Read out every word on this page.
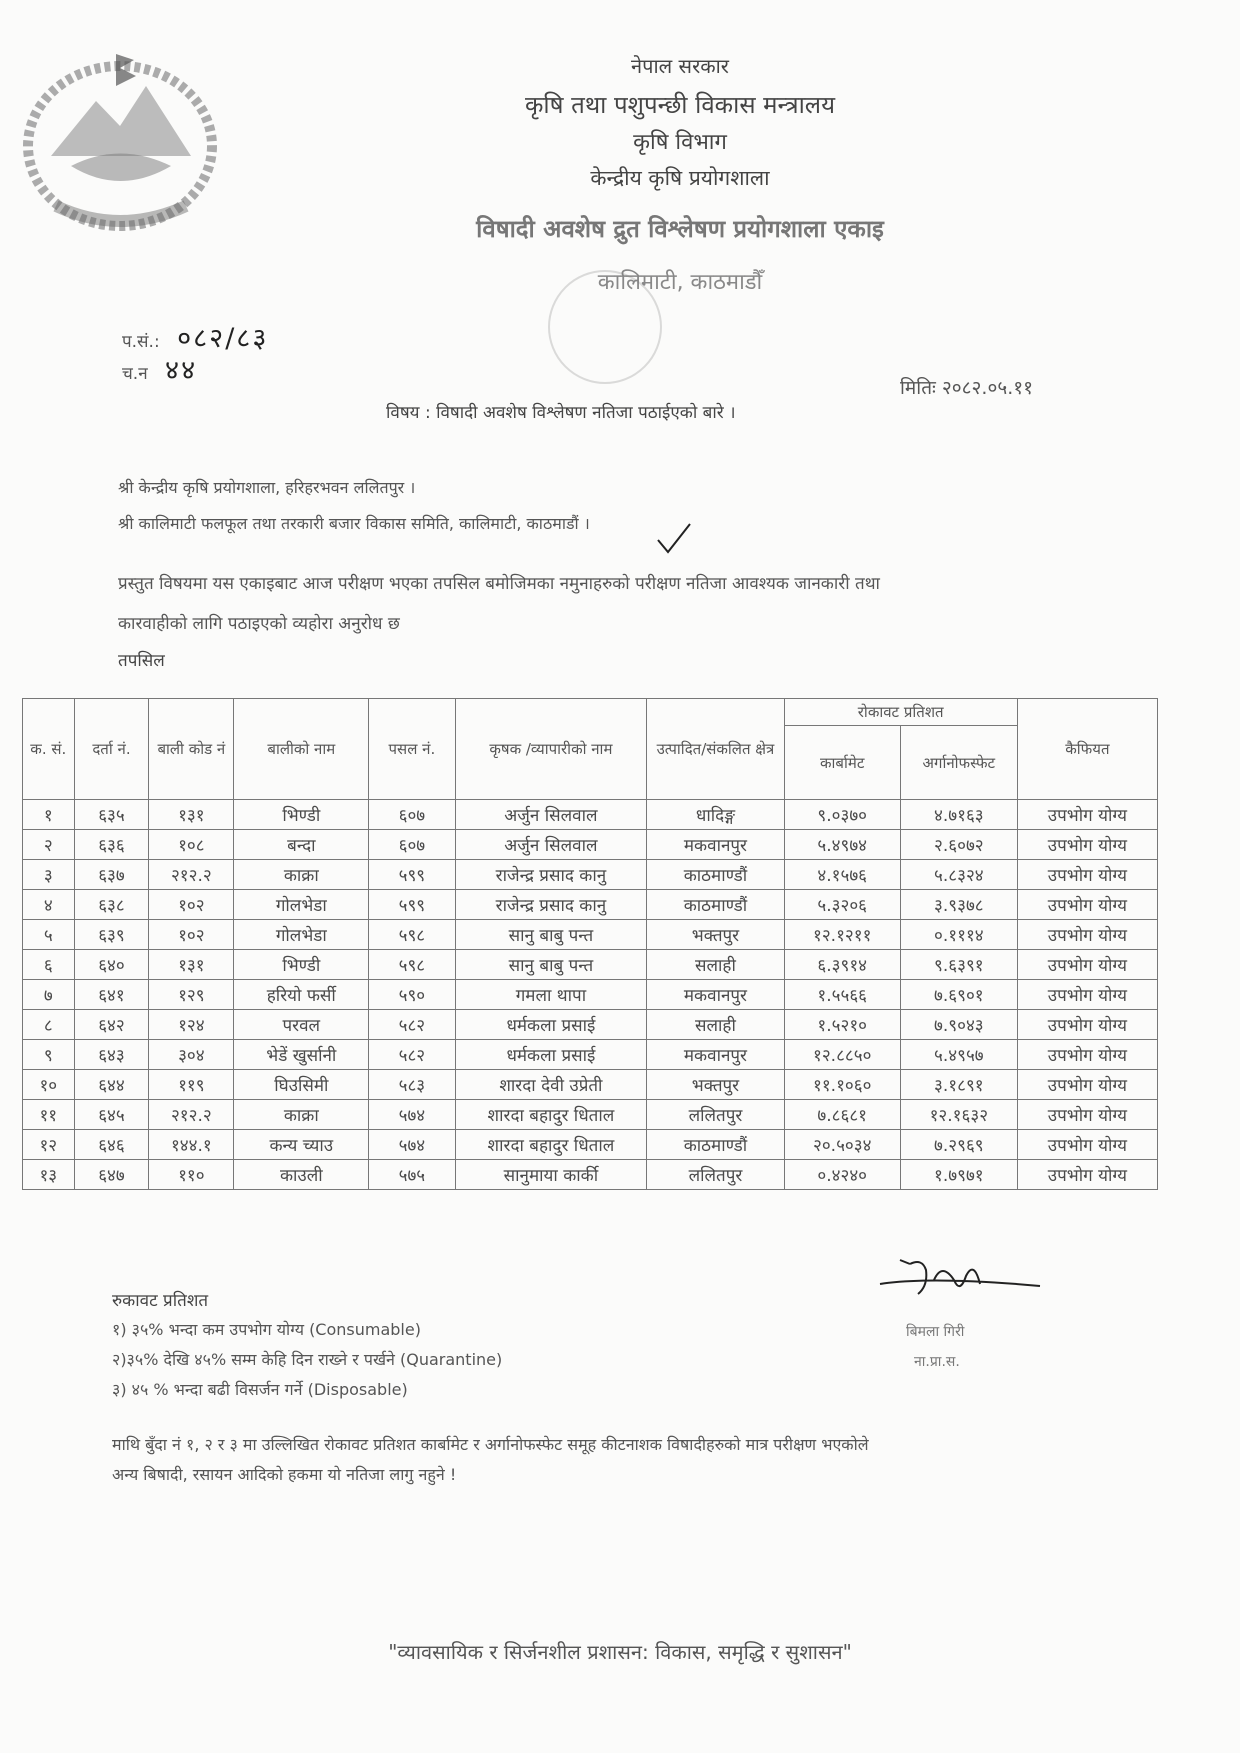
नेपाल सरकार
कृषि तथा पशुपन्छी विकास मन्त्रालय
कृषि विभाग
केन्द्रीय कृषि प्रयोगशाला
विषादी अवशेष द्रुत विश्लेषण प्रयोगशाला एकाइ
कालिमाटी, काठमाडौँ
प.सं.: ०८२/८३
च.न ४४
मितिः २०८२.०५.११
विषय : विषादी अवशेष विश्लेषण नतिजा पठाईएको बारे ।
श्री केन्द्रीय कृषि प्रयोगशाला, हरिहरभवन ललितपुर ।
श्री कालिमाटी फलफूल तथा तरकारी बजार विकास समिति, कालिमाटी, काठमाडौं ।
प्रस्तुत विषयमा यस एकाइबाट आज परीक्षण भएका तपसिल बमोजिमका नमुनाहरुको परीक्षण नतिजा आवश्यक जानकारी तथा
कारवाहीको लागि पठाइएको व्यहोरा अनुरोध छ
तपसिल
क. सं.	दर्ता नं.	बाली कोड नं	बालीको नाम	पसल नं.	कृषक /व्यापारीको नाम	उत्पादित/संकलित क्षेत्र	रोकावट प्रतिशत		कैफियत
							कार्बामेट	अर्गानोफस्फेट	
१	६३५	१३१	भिण्डी	६०७	अर्जुन सिलवाल	धादिङ्ग	९.०३७०	४.७१६३	उपभोग योग्य
२	६३६	१०८	बन्दा	६०७	अर्जुन सिलवाल	मकवानपुर	५.४९७४	२.६०७२	उपभोग योग्य
३	६३७	२१२.२	काक्रा	५९९	राजेन्द्र प्रसाद कानु	काठमाण्डौं	४.१५७६	५.८३२४	उपभोग योग्य
४	६३८	१०२	गोलभेडा	५९९	राजेन्द्र प्रसाद कानु	काठमाण्डौं	५.३२०६	३.९३७८	उपभोग योग्य
५	६३९	१०२	गोलभेडा	५९८	सानु बाबु पन्त	भक्तपुर	१२.१२११	०.१११४	उपभोग योग्य
६	६४०	१३१	भिण्डी	५९८	सानु बाबु पन्त	सलाही	६.३९१४	९.६३९१	उपभोग योग्य
७	६४१	१२९	हरियो फर्सी	५९०	गमला थापा	मकवानपुर	१.५५६६	७.६९०१	उपभोग योग्य
८	६४२	१२४	परवल	५८२	धर्मकला प्रसाई	सलाही	१.५२१०	७.९०४३	उपभोग योग्य
९	६४३	३०४	भेडें खुर्सानी	५८२	धर्मकला प्रसाई	मकवानपुर	१२.८८५०	५.४९५७	उपभोग योग्य
१०	६४४	११९	घिउसिमी	५८३	शारदा देवी उप्रेती	भक्तपुर	११.१०६०	३.१८९१	उपभोग योग्य
११	६४५	२१२.२	काक्रा	५७४	शारदा बहादुर धिताल	ललितपुर	७.८६८१	१२.१६३२	उपभोग योग्य
१२	६४६	१४४.१	कन्य च्याउ	५७४	शारदा बहादुर धिताल	काठमाण्डौं	२०.५०३४	७.२९६९	उपभोग योग्य
१३	६४७	११०	काउली	५७५	सानुमाया कार्की	ललितपुर	०.४२४०	१.७९७१	उपभोग योग्य
रुकावट प्रतिशत
१) ३५% भन्दा कम उपभोग योग्य (Consumable)
२)३५% देखि ४५% सम्म केहि दिन राख्ने र पर्खने (Quarantine)
३) ४५ % भन्दा बढी विसर्जन गर्ने (Disposable)
बिमला गिरी
ना.प्रा.स.
माथि बुँदा नं १, २ र ३ मा उल्लिखित रोकावट प्रतिशत कार्बामेट र अर्गानोफस्फेट समूह कीटनाशक विषादीहरुको मात्र परीक्षण भएकोले
अन्य बिषादी, रसायन आदिको हकमा यो नतिजा लागु नहुने !
"व्यावसायिक र सिर्जनशील प्रशासन: विकास, समृद्धि र सुशासन"
